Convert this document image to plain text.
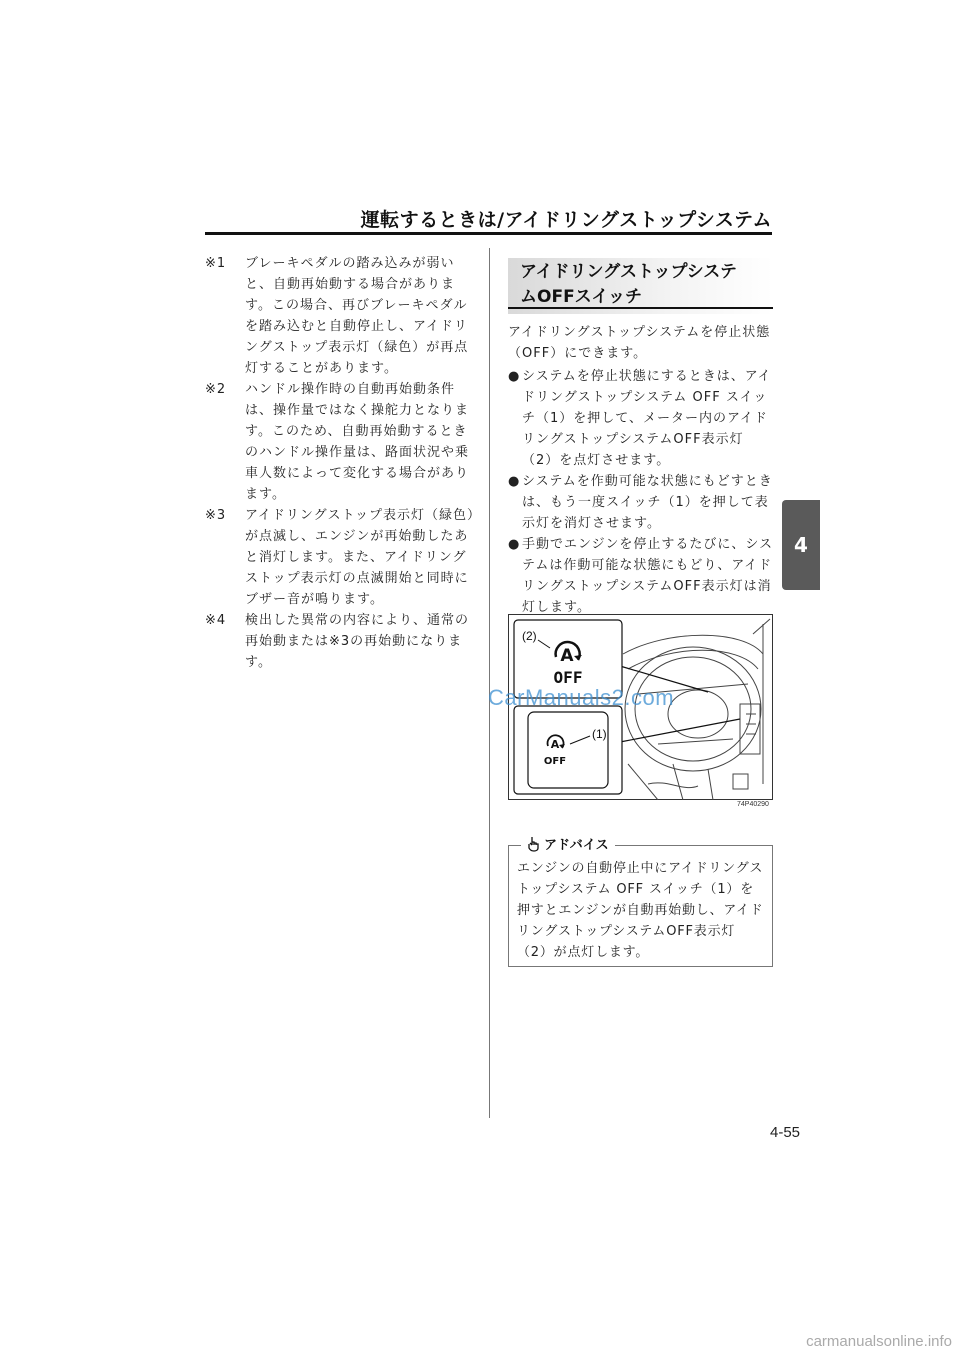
運転するときは/アイドリングストップシステム
4
※1	ブレーキペダルの踏み込みが弱いと、自動再始動する場合があります。この場合、再びブレーキペダルを踏み込むと自動停止し、アイドリングストップ表示灯（緑色）が再点灯することがあります。
※2	ハンドル操作時の自動再始動条件は、操作量ではなく操舵力となります。このため、自動再始動するときのハンドル操作量は、路面状況や乗車人数によって変化する場合があります。
※3	アイドリングストップ表示灯（緑色）が点滅し、エンジンが再始動したあと消灯します。また、アイドリングストップ表示灯の点滅開始と同時にブザー音が鳴ります。
※4	検出した異常の内容により、通常の再始動または※3の再始動になります。
アイドリングストップシステ
ムOFFスイッチ
アイドリングストップシステムを停止状態（OFF）にできます。
● システムを停止状態にするときは、アイドリングストップシステム OFF スイッチ（1）を押して、メーター内のアイドリングストップシステムOFF表示灯（2）を点灯させます。
● システムを作動可能な状態にもどすときは、もう一度スイッチ（1）を押して表示灯を消灯させます。
● 手動でエンジンを停止するたびに、システムは作動可能な状態にもどり、アイドリングストップシステムOFF表示灯は消灯します。
(2)
A
OFF
(1)
A
OFF
74P40290
CarManuals2.com
アドバイス
エンジンの自動停止中にアイドリングストップシステム OFF スイッチ（1）を押すとエンジンが自動再始動し、アイドリングストップシステムOFF表示灯（2）が点灯します。
4-55
carmanualsonline.info
